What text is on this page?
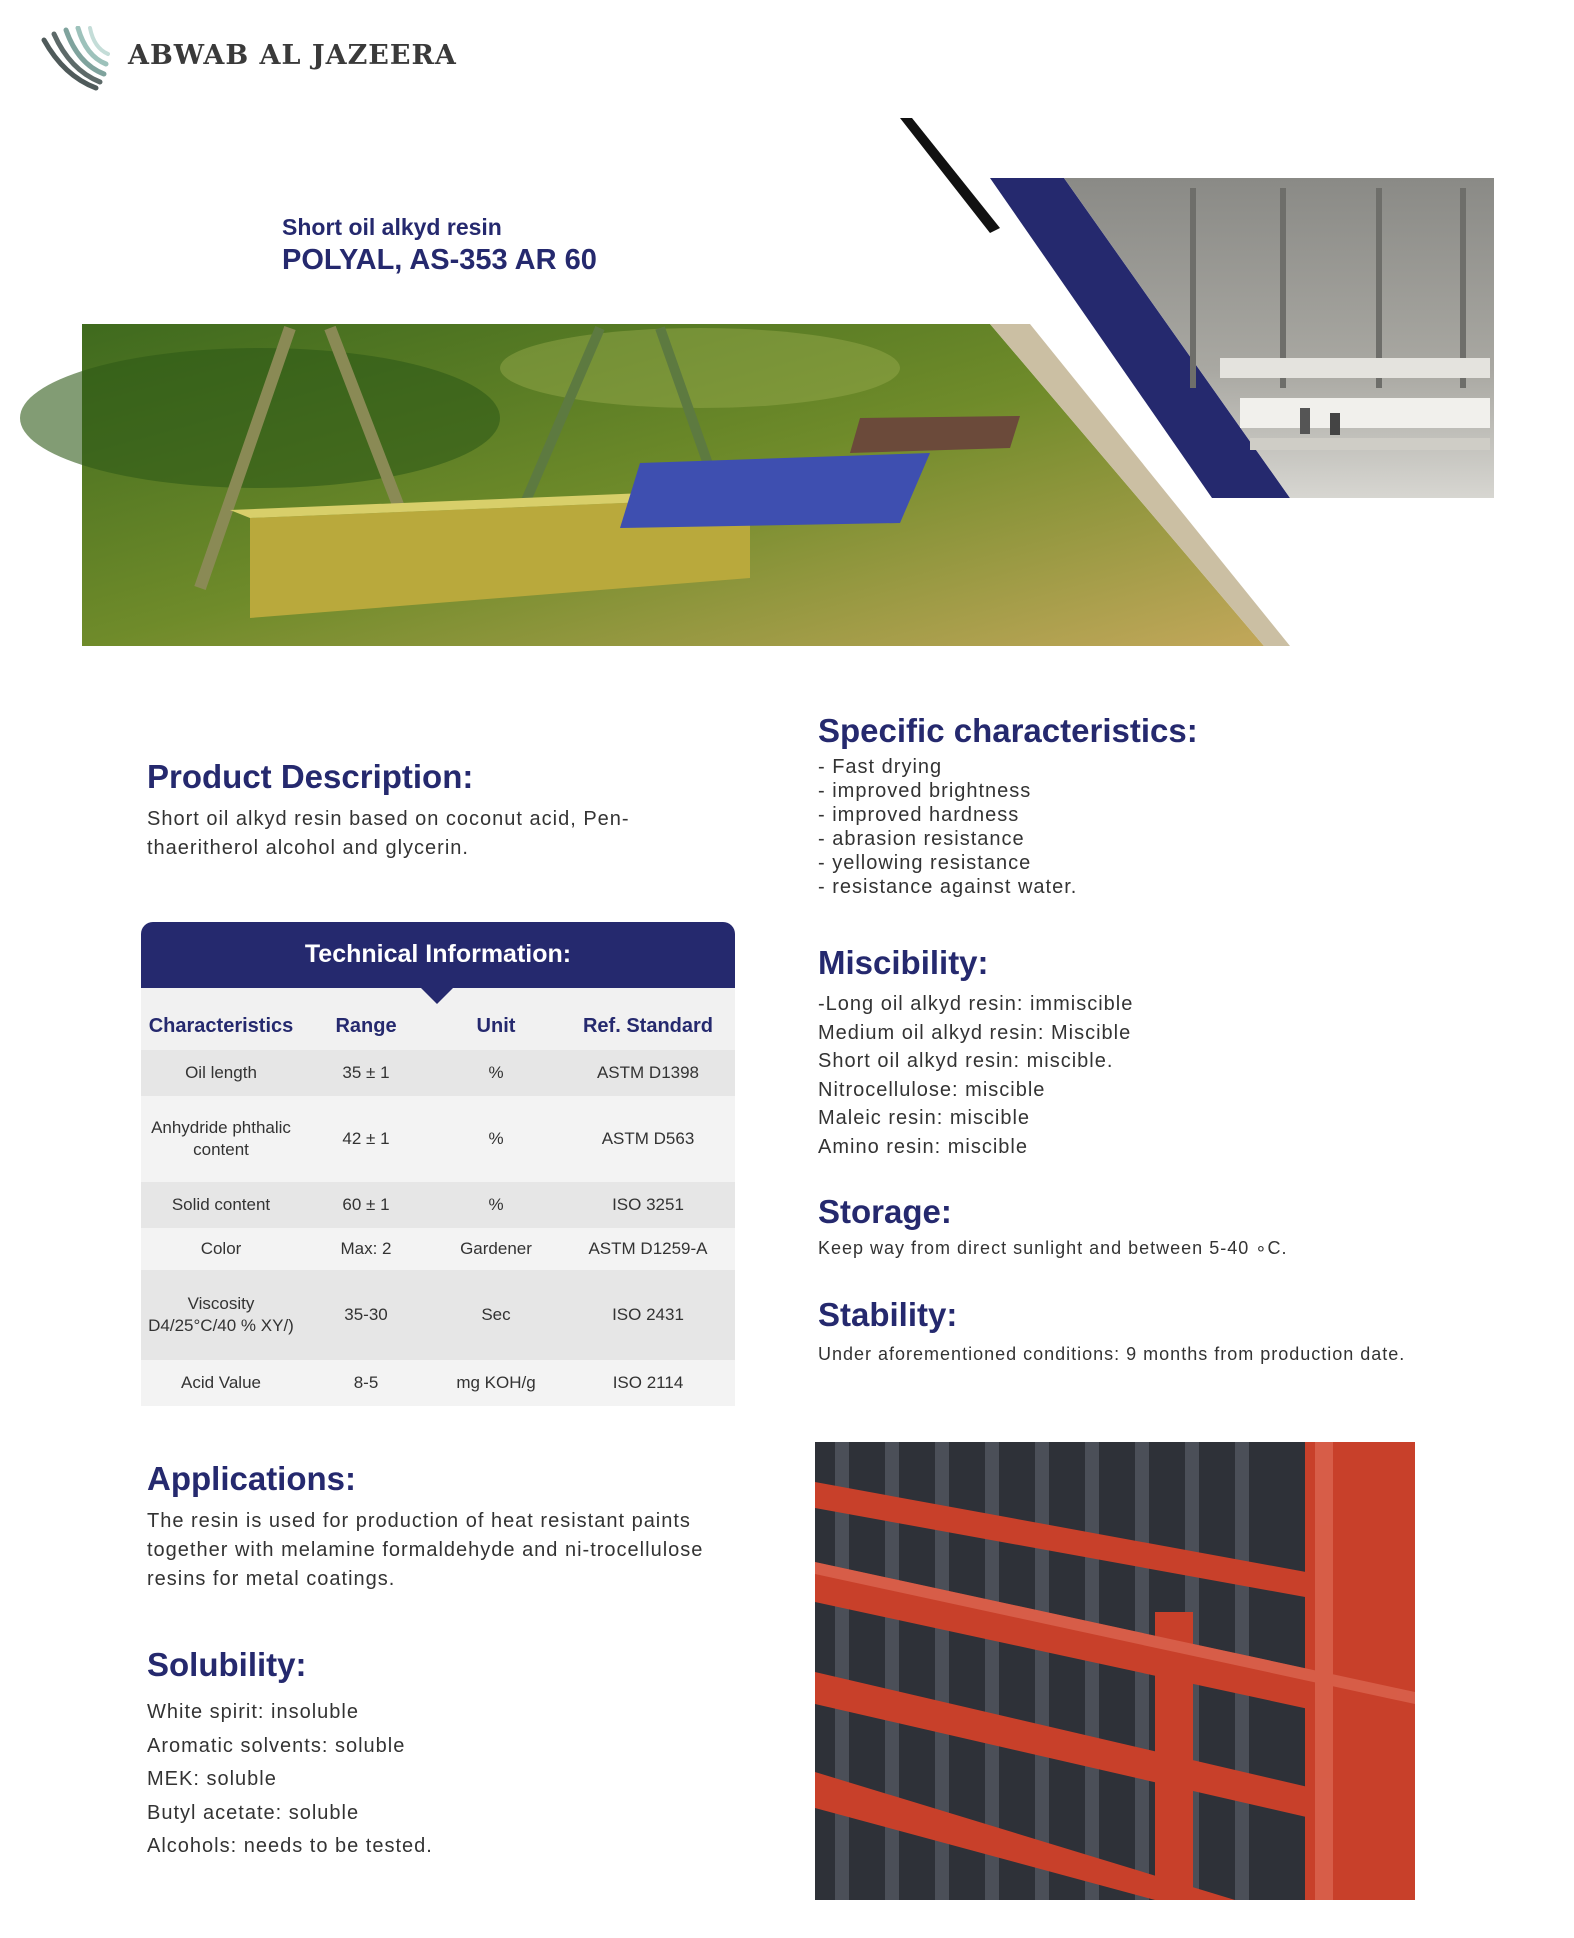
ABWAB AL JAZEERA
Short oil alkyd resin
POLYAL, AS-353 AR 60
Product Description:
Short oil alkyd resin based on coconut acid, Pen-thaeritherol alcohol and glycerin.
Technical Information:
Characteristics	Range	Unit	Ref. Standard
Oil length	35 ± 1	%	ASTM D1398
Anhydride phthalic content	42 ± 1	%	ASTM D563
Solid content	60 ± 1	%	ISO 3251
Color	Max: 2	Gardener	ASTM D1259-A
Viscosity D4/25°C/40 % XY/)	35-30	Sec	ISO 2431
Acid Value	8-5	mg KOH/g	ISO 2114
Specific characteristics:
- Fast drying
- improved brightness
- improved hardness
- abrasion resistance
- yellowing resistance
- resistance against water.
Miscibility:
-Long oil alkyd resin: immiscible
Medium oil alkyd resin: Miscible
Short oil alkyd resin: miscible.
Nitrocellulose: miscible
Maleic resin: miscible
Amino resin: miscible
Storage:
Keep way from direct sunlight and between 5-40 ∘C.
Stability:
Under aforementioned conditions: 9 months from production date.
Applications:
The resin is used for production of heat resistant paints together with melamine formaldehyde and ni-trocellulose resins for metal coatings.
Solubility:
White spirit: insoluble
Aromatic solvents: soluble
MEK: soluble
Butyl acetate: soluble
Alcohols: needs to be tested.
